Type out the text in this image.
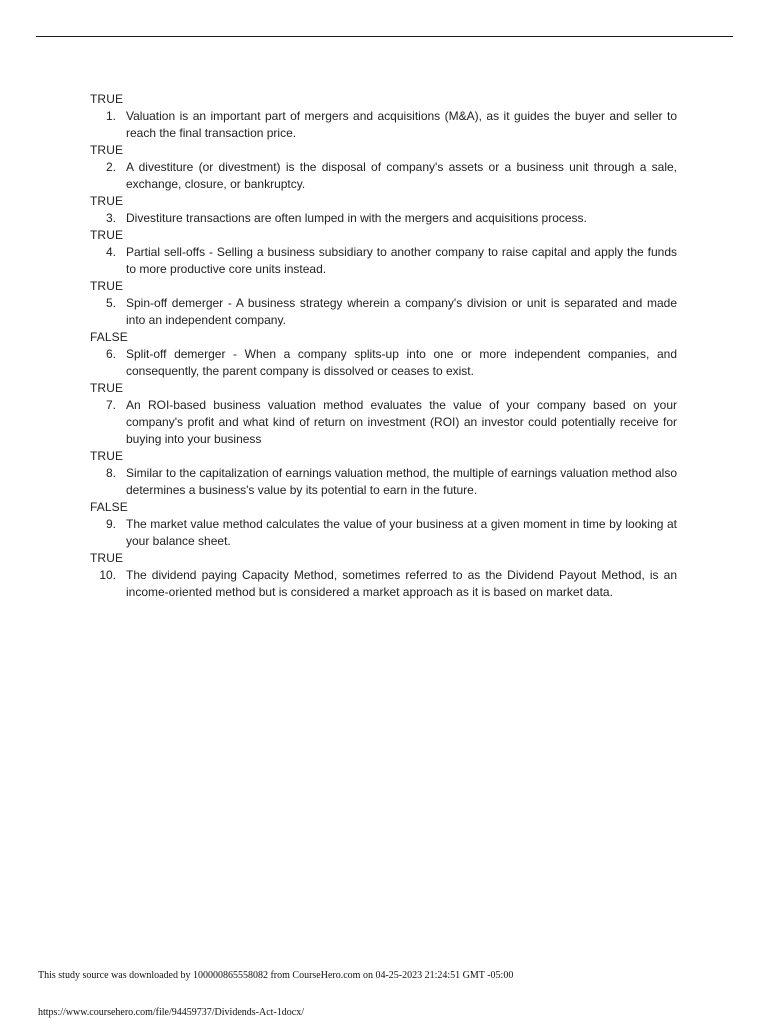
TRUE
1. Valuation is an important part of mergers and acquisitions (M&A), as it guides the buyer and seller to reach the final transaction price.
TRUE
2. A divestiture (or divestment) is the disposal of company's assets or a business unit through a sale, exchange, closure, or bankruptcy.
TRUE
3. Divestiture transactions are often lumped in with the mergers and acquisitions process.
TRUE
4. Partial sell-offs - Selling a business subsidiary to another company to raise capital and apply the funds to more productive core units instead.
TRUE
5. Spin-off demerger - A business strategy wherein a company's division or unit is separated and made into an independent company.
FALSE
6. Split-off demerger - When a company splits-up into one or more independent companies, and consequently, the parent company is dissolved or ceases to exist.
TRUE
7. An ROI-based business valuation method evaluates the value of your company based on your company's profit and what kind of return on investment (ROI) an investor could potentially receive for buying into your business
TRUE
8. Similar to the capitalization of earnings valuation method, the multiple of earnings valuation method also determines a business's value by its potential to earn in the future.
FALSE
9. The market value method calculates the value of your business at a given moment in time by looking at your balance sheet.
TRUE
10. The dividend paying Capacity Method, sometimes referred to as the Dividend Payout Method, is an income-oriented method but is considered a market approach as it is based on market data.
This study source was downloaded by 100000865558082 from CourseHero.com on 04-25-2023 21:24:51 GMT -05:00
https://www.coursehero.com/file/94459737/Dividends-Act-1docx/
